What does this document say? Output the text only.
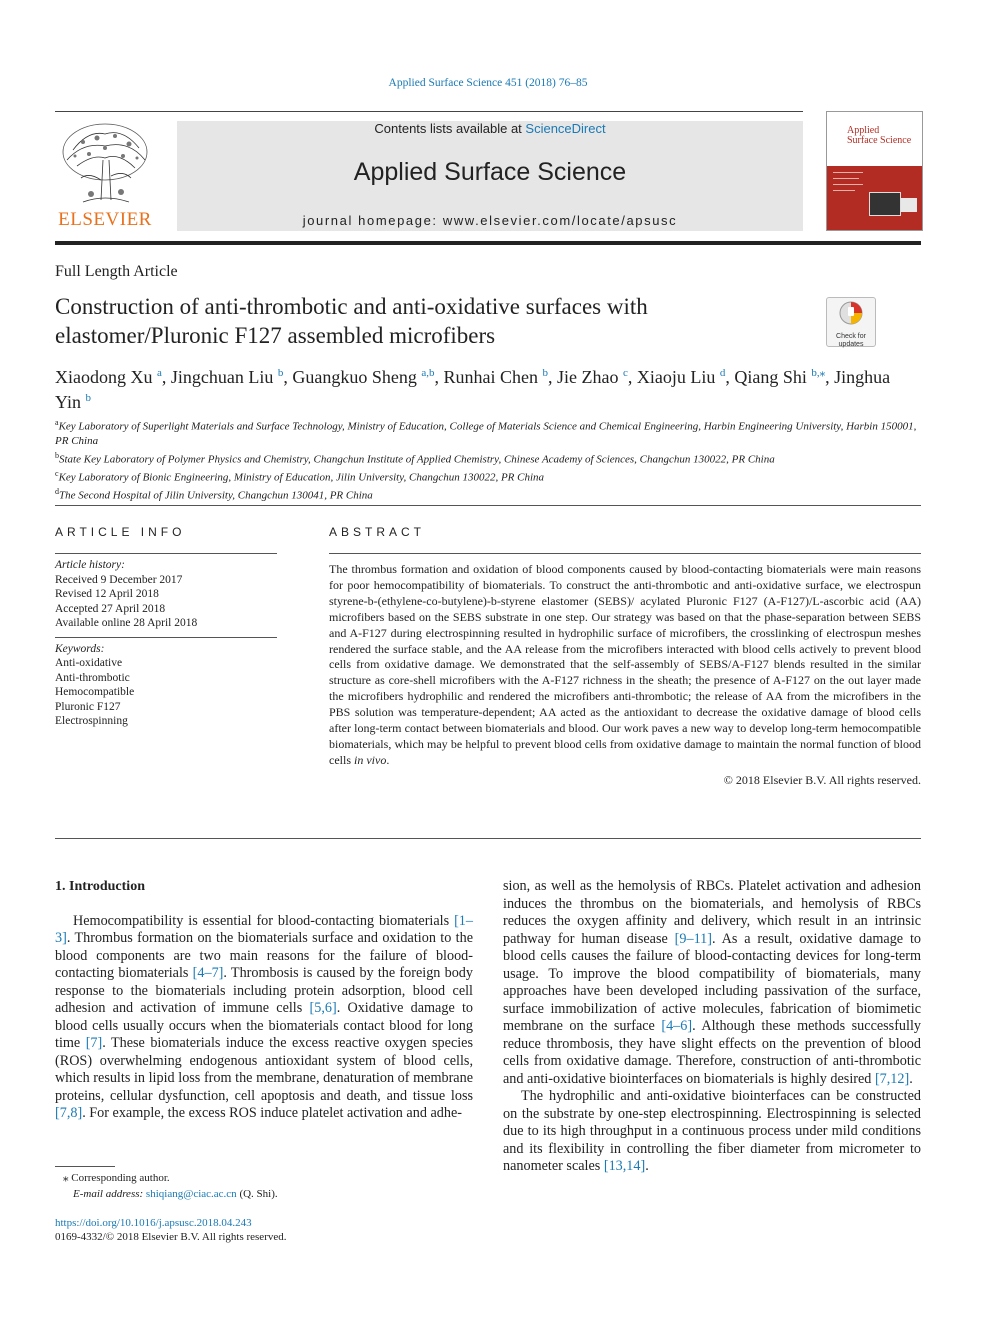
Applied Surface Science 451 (2018) 76–85
ELSEVIER
Contents lists available at ScienceDirect
Applied Surface Science
journal homepage: www.elsevier.com/locate/apsusc
Applied
Surface Science
Full Length Article
Construction of anti-thrombotic and anti-oxidative surfaces with elastomer/Pluronic F127 assembled microfibers	Check for
updates
Xiaodong Xu $^a$, Jingchuan Liu $^b$, Guangkuo Sheng $^{a,b}$, Runhai Chen $^b$, Jie Zhao $^c$, Xiaoju Liu $^d$, Qiang Shi $^{b,⁎}$, Jinghua Yin $^b$
$^a$Key Laboratory of Superlight Materials and Surface Technology, Ministry of Education, College of Materials Science and Chemical Engineering, Harbin Engineering University, Harbin 150001, PR China
$^b$State Key Laboratory of Polymer Physics and Chemistry, Changchun Institute of Applied Chemistry, Chinese Academy of Sciences, Changchun 130022, PR China
$^c$Key Laboratory of Bionic Engineering, Ministry of Education, Jilin University, Changchun 130022, PR China
$^d$The Second Hospital of Jilin University, Changchun 130041, PR China
ARTICLE INFO
Article history:
Received 9 December 2017
Revised 12 April 2018
Accepted 27 April 2018
Available online 28 April 2018
Keywords:
Anti-oxidative
Anti-thrombotic
Hemocompatible
Pluronic F127
Electrospinning
ABSTRACT
The thrombus formation and oxidation of blood components caused by blood-contacting biomaterials were main reasons for poor hemocompatibility of biomaterials. To construct the anti-thrombotic and anti-oxidative surface, we electrospun styrene-b-(ethylene-co-butylene)-b-styrene elastomer (SEBS)/ acylated Pluronic F127 (A-F127)/L-ascorbic acid (AA) microfibers based on the SEBS substrate in one step. Our strategy was based on that the phase-separation between SEBS and A-F127 during electrospinning resulted in hydrophilic surface of microfibers, the crosslinking of electrospun meshes rendered the surface stable, and the AA release from the microfibers interacted with blood cells actively to prevent blood cells from oxidative damage. We demonstrated that the self-assembly of SEBS/A-F127 blends resulted in the similar structure as core-shell microfibers with the A-F127 richness in the sheath; the presence of A-F127 on the out layer made the microfibers hydrophilic and rendered the microfibers anti-thrombotic; the release of AA from the microfibers in the PBS solution was temperature-dependent; AA acted as the antioxidant to decrease the oxidative damage of blood cells after long-term contact between biomaterials and blood. Our work paves a new way to develop long-term hemocompatible biomaterials, which may be helpful to prevent blood cells from oxidative damage to maintain the normal function of blood cells in vivo.
© 2018 Elsevier B.V. All rights reserved.
1. Introduction

Hemocompatibility is essential for blood-contacting biomaterials [1–3]. Thrombus formation on the biomaterials surface and oxidation to the blood components are two main reasons for the failure of blood-contacting biomaterials [4–7]. Thrombosis is caused by the foreign body response to the biomaterials including protein adsorption, blood cell adhesion and activation of immune cells [5,6]. Oxidative damage to blood cells usually occurs when the biomaterials contact blood for long time [7]. These biomaterials induce the excess reactive oxygen species (ROS) overwhelming endogenous antioxidant system of blood cells, which results in lipid loss from the membrane, denaturation of membrane proteins, cellular dysfunction, cell apoptosis and death, and tissue loss [7,8]. For example, the excess ROS induce platelet activation and adhe-

sion, as well as the hemolysis of RBCs. Platelet activation and adhesion induces the thrombus on the biomaterials, and hemolysis of RBCs reduces the oxygen affinity and delivery, which result in an intrinsic pathway for human disease [9–11]. As a result, oxidative damage to blood cells causes the failure of blood-contacting devices for long-term usage. To improve the blood compatibility of biomaterials, many approaches have been developed including passivation of the surface, surface immobilization of active molecules, fabrication of biomimetic membrane on the surface [4–6]. Although these methods successfully reduce thrombosis, they have slight effects on the prevention of blood cells from oxidative damage. Therefore, construction of anti-thrombotic and anti-oxidative biointerfaces on biomaterials is highly desired [7,12].

The hydrophilic and anti-oxidative biointerfaces can be constructed on the substrate by one-step electrospinning. Electrospinning is selected due to its high throughput in a continuous process under mild conditions and its flexibility in controlling the fiber diameter from micrometer to nanometer scales [13,14].

⁎ Corresponding author.
E-mail address: shiqiang@ciac.ac.cn (Q. Shi).
https://doi.org/10.1016/j.apsusc.2018.04.243
0169-4332/© 2018 Elsevier B.V. All rights reserved.
